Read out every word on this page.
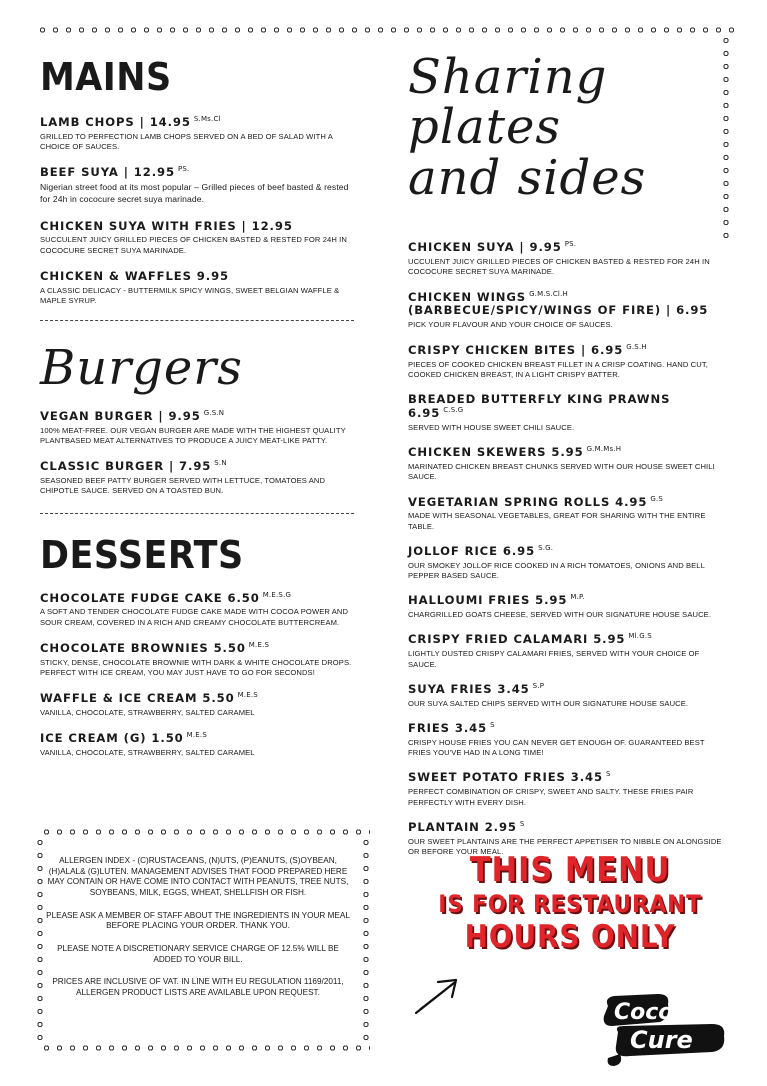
MAINS
LAMB CHOPS | 14.95 $^{S.Ms.Cl}$
GRILLED TO PERFECTION LAMB CHOPS SERVED ON A BED OF SALAD WITH A CHOICE OF SAUCES.
BEEF SUYA | 12.95 $^{PS.}$
Nigerian street food at its most popular – Grilled pieces of beef basted & rested for 24h in cococure secret suya marinade.
CHICKEN SUYA WITH FRIES | 12.95
SUCCULENT JUICY GRILLED PIECES OF CHICKEN BASTED & RESTED FOR 24H IN COCOCURE SECRET SUYA MARINADE.
CHICKEN & WAFFLES 9.95
A CLASSIC DELICACY - BUTTERMILK SPICY WINGS, SWEET BELGIAN WAFFLE & MAPLE SYRUP.
Burgers
VEGAN BURGER | 9.95 $^{G.S.N}$
100% MEAT-FREE. OUR VEGAN BURGER ARE MADE WITH THE HIGHEST QUALITY PLANTBASED MEAT ALTERNATIVES TO PRODUCE A JUICY MEAT-LIKE PATTY.
CLASSIC BURGER | 7.95 $^{S.N}$
SEASONED BEEF PATTY BURGER SERVED WITH LETTUCE, TOMATOES AND CHIPOTLE SAUCE. SERVED ON A TOASTED BUN.
DESSERTS
CHOCOLATE FUDGE CAKE 6.50 $^{M.E.S.G}$
A SOFT AND TENDER CHOCOLATE FUDGE CAKE MADE WITH COCOA POWER AND SOUR CREAM, COVERED IN A RICH AND CREAMY CHOCOLATE BUTTERCREAM.
CHOCOLATE BROWNIES 5.50 $^{M.E.S}$
STICKY, DENSE, CHOCOLATE BROWNIE WITH DARK & WHITE CHOCOLATE DROPS. PERFECT WITH ICE CREAM, YOU MAY JUST HAVE TO GO FOR SECONDS!
WAFFLE & ICE CREAM 5.50 $^{M.E.S}$
VANILLA, CHOCOLATE, STRAWBERRY, SALTED CARAMEL
ICE CREAM (G) 1.50 $^{M.E.S}$
VANILLA, CHOCOLATE, STRAWBERRY, SALTED CARAMEL
Sharing plates
and sides
CHICKEN SUYA | 9.95 $^{PS.}$
UCCULENT JUICY GRILLED PIECES OF CHICKEN BASTED & RESTED FOR 24H IN COCOCURE SECRET SUYA MARINADE.
CHICKEN WINGS $^{G.M.S.Cl.H}$
(BARBECUE/SPICY/WINGS OF FIRE) | 6.95
PICK YOUR FLAVOUR AND YOUR CHOICE OF SAUCES.
CRISPY CHICKEN BITES | 6.95 $^{G.S.H}$
PIECES OF COOKED CHICKEN BREAST FILLET IN A CRISP COATING. HAND CUT, COOKED CHICKEN BREAST, IN A LIGHT CRISPY BATTER.
BREADED BUTTERFLY KING PRAWNS 6.95 $^{C.S.G}$
SERVED WITH HOUSE SWEET CHILI SAUCE.
CHICKEN SKEWERS 5.95 $^{G.M.Ms.H}$
MARINATED CHICKEN BREAST CHUNKS SERVED WITH OUR HOUSE SWEET CHILI SAUCE.
VEGETARIAN SPRING ROLLS 4.95 $^{G.S}$
MADE WITH SEASONAL VEGETABLES, GREAT FOR SHARING WITH THE ENTIRE TABLE.
JOLLOF RICE 6.95 $^{S.G.}$
OUR SMOKEY JOLLOF RICE COOKED IN A RICH TOMATOES, ONIONS AND BELL PEPPER BASED SAUCE.
HALLOUMI FRIES 5.95 $^{M.P.}$
CHARGRILLED GOATS CHEESE, SERVED WITH OUR SIGNATURE HOUSE SAUCE.
CRISPY FRIED CALAMARI 5.95 $^{Ml.G.S}$
LIGHTLY DUSTED CRISPY CALAMARI FRIES, SERVED WITH YOUR CHOICE OF SAUCE.
SUYA FRIES 3.45 $^{S.P}$
OUR SUYA SALTED CHIPS SERVED WITH OUR SIGNATURE HOUSE SAUCE.
FRIES 3.45 $^S$
CRISPY HOUSE FRIES YOU CAN NEVER GET ENOUGH OF. GUARANTEED BEST FRIES YOU'VE HAD IN A LONG TIME!
SWEET POTATO FRIES 3.45 $^S$
PERFECT COMBINATION OF CRISPY, SWEET AND SALTY. THESE FRIES PAIR PERFECTLY WITH EVERY DISH.
PLANTAIN 2.95 $^S$
OUR SWEET PLANTAINS ARE THE PERFECT APPETISER TO NIBBLE ON ALONGSIDE OR BEFORE YOUR MEAL.

ALLERGEN INDEX - (C)RUSTACEANS, (N)UTS, (P)EANUTS, (S)OYBEAN, (H)ALAL& (G)LUTEN. MANAGEMENT ADVISES THAT FOOD PREPARED HERE MAY CONTAIN OR HAVE COME INTO CONTACT WITH PEANUTS, TREE NUTS, SOYBEANS, MILK, EGGS, WHEAT, SHELLFISH OR FISH.

PLEASE ASK A MEMBER OF STAFF ABOUT THE INGREDIENTS IN YOUR MEAL BEFORE PLACING YOUR ORDER. THANK YOU.

PLEASE NOTE A DISCRETIONARY SERVICE CHARGE OF 12.5% WILL BE ADDED TO YOUR BILL.

PRICES ARE INCLUSIVE OF VAT. IN LINE WITH EU REGULATION 1169/2011, ALLERGEN PRODUCT LISTS ARE AVAILABLE UPON REQUEST.

THIS MENU
IS FOR RESTAURANT
HOURS ONLY
Coco
Cure
